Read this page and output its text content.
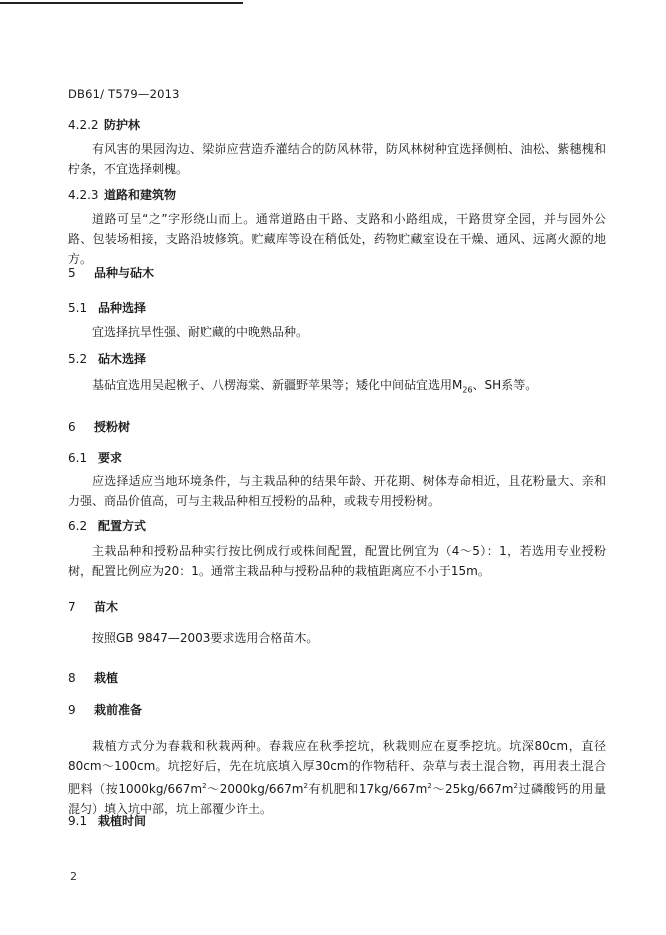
DB61/ T579—2013
4.2.2 防护林
有风害的果园沟边、梁峁应营造乔灌结合的防风林带，防风林树种宜选择侧柏、油松、紫穗槐和柠条，不宜选择刺槐。
4.2.3 道路和建筑物
道路可呈“之”字形绕山而上。通常道路由干路、支路和小路组成，干路贯穿全园，并与园外公路、包装场相接，支路沿坡修筑。贮藏库等设在稍低处，药物贮藏室设在干燥、通风、远离火源的地方。
5 品种与砧木
5.1 品种选择
宜选择抗旱性强、耐贮藏的中晚熟品种。
5.2 砧木选择
基砧宜选用吴起楸子、八楞海棠、新疆野苹果等；矮化中间砧宜选用$M_{26}$、SH系等。
6 授粉树
6.1 要求
应选择适应当地环境条件，与主栽品种的结果年龄、开花期、树体寿命相近，且花粉量大、亲和力强、商品价值高，可与主栽品种相互授粉的品种，或栽专用授粉树。
6.2 配置方式
主栽品种和授粉品种实行按比例成行或株间配置，配置比例宜为（4～5）：1，若选用专业授粉树，配置比例应为20：1。通常主栽品种与授粉品种的栽植距离应不小于15m。
7 苗木
按照GB 9847—2003要求选用合格苗木。
8 栽植
9 栽前准备
栽植方式分为春栽和秋栽两种。春栽应在秋季挖坑，秋栽则应在夏季挖坑。坑深80cm，直径80cm～100cm。坑挖好后，先在坑底填入厚30cm的作物秸秆、杂草与表土混合物，再用表土混合肥料（按$1000kg/667m^2\sim 2000kg/667m^2$有机肥和$17kg/667m^2\sim 25kg/667m^2$过磷酸钙的用量混匀）填入坑中部，坑上部覆少许土。
9.1 栽植时间
2
